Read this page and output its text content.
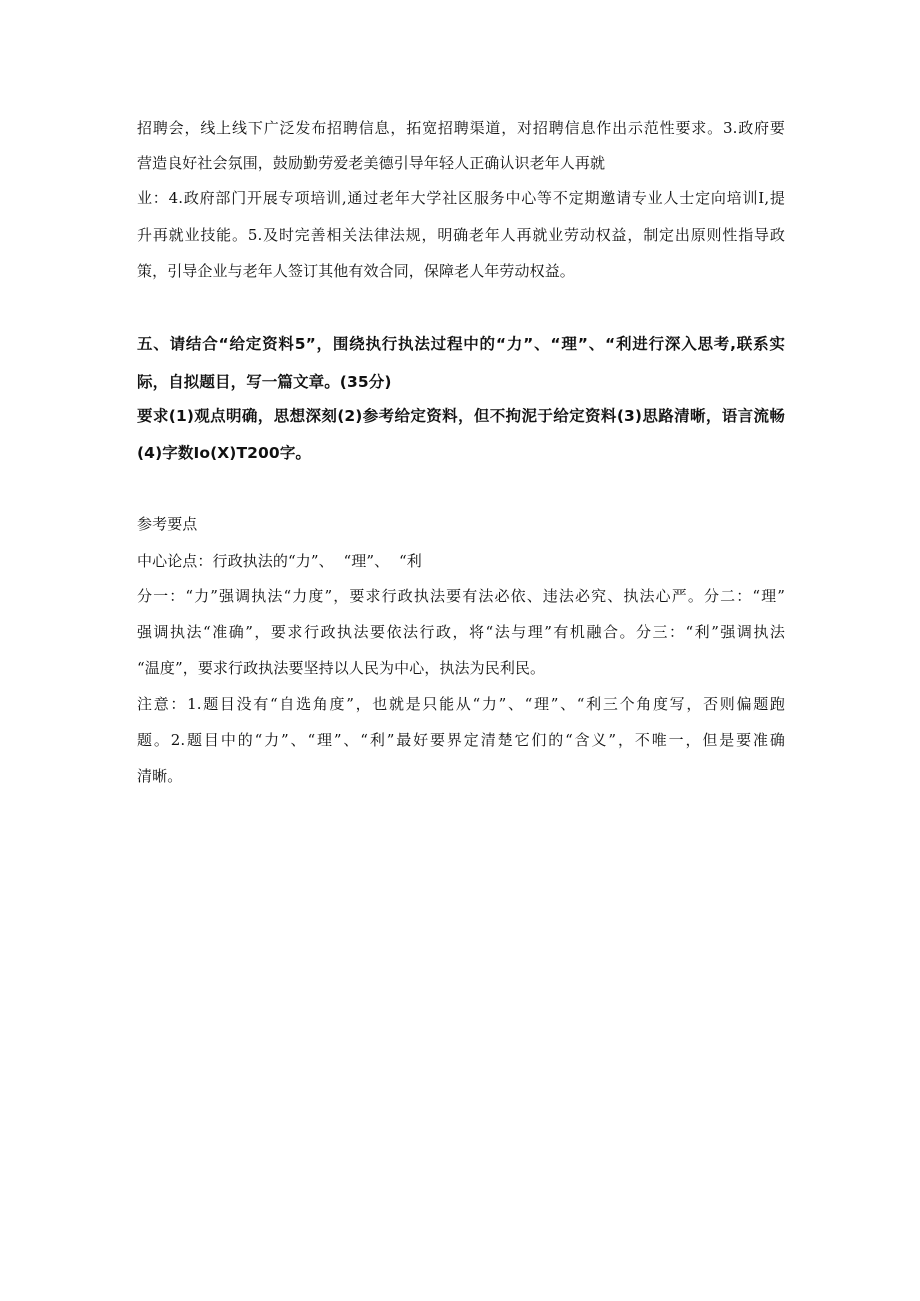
招聘会，线上线下广泛发布招聘信息，拓宽招聘渠道，对招聘信息作出示范性要求。3.政府要
营造良好社会氛围，鼓励勤劳爱老美德引导年轻人正确认识老年人再就
业：4.政府部门开展专项培训,通过老年大学社区服务中心等不定期邀请专业人士定向培训I,提
升再就业技能。5.及时完善相关法律法规，明确老年人再就业劳动权益，制定出原则性指导政
策，引导企业与老年人签订其他有效合同，保障老人年劳动权益。
五、请结合“给定资料5”，围绕执行执法过程中的“力”、“理”、“利进行深入思考,联系实
际，自拟题目，写一篇文章。(35分)
要求(1)观点明确，思想深刻(2)参考给定资料，但不拘泥于给定资料(3)思路清晰，语言流畅
(4)字数Io(X)T200字。
参考要点
中心论点：行政执法的“力”、  “理”、  “利
分一：“力”强调执法“力度”，要求行政执法要有法必依、违法必究、执法心严。分二：“理”
强调执法“准确”，要求行政执法要依法行政，将“法与理”有机融合。分三：“利”强调执法
“温度”，要求行政执法要坚持以人民为中心，执法为民利民。
注意：1.题目没有“自选角度”，也就是只能从“力”、“理”、“利三个角度写，否则偏题跑
题。2.题目中的“力”、“理”、“利”最好要界定清楚它们的“含义”，不唯一，但是要准确
清晰。
